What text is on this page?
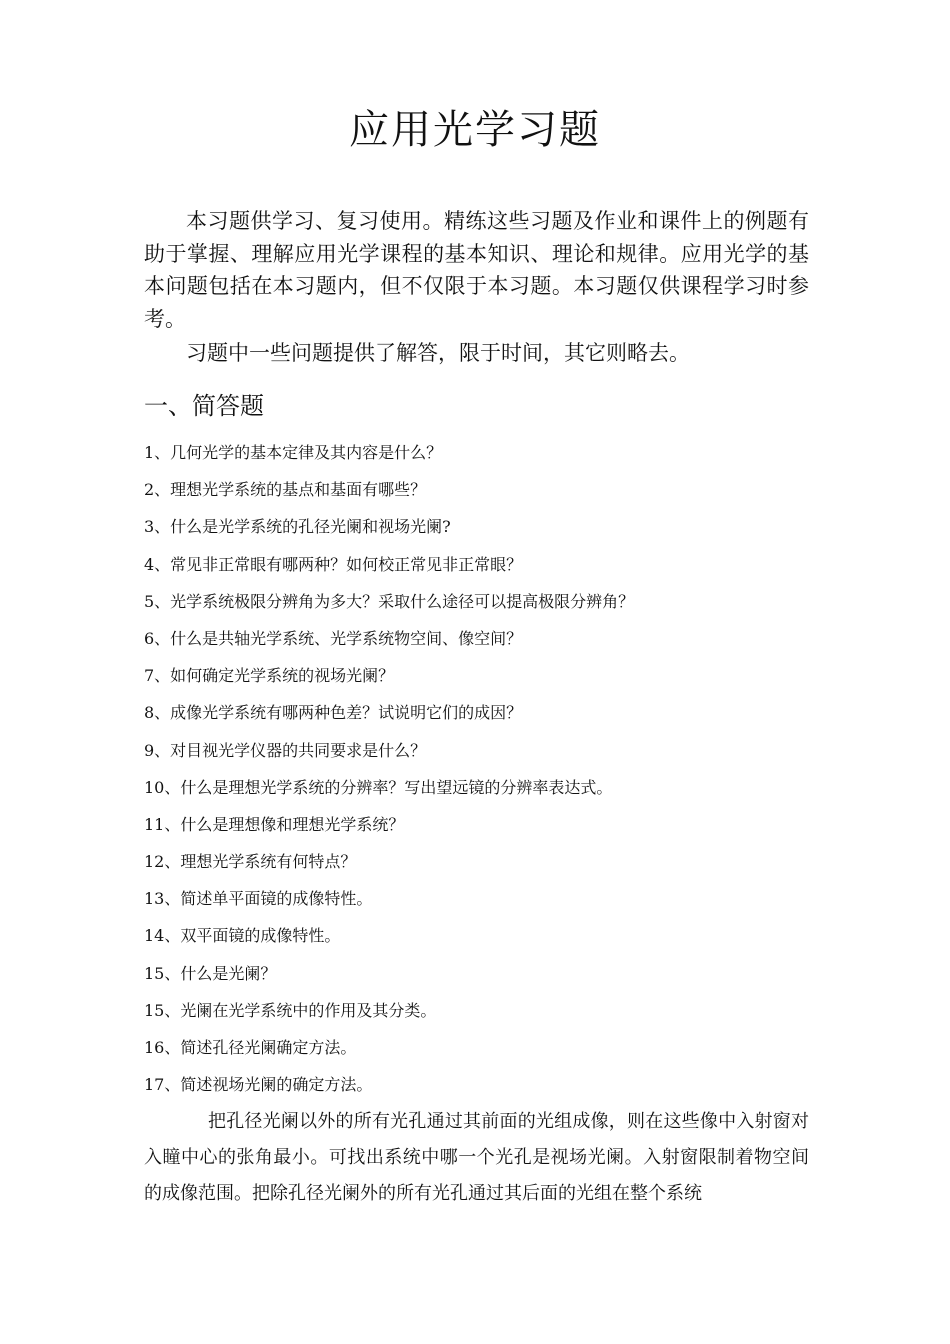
应用光学习题

本习题供学习、复习使用。精练这些习题及作业和课件上的例题有助于掌握、理解应用光学课程的基本知识、理论和规律。应用光学的基本问题包括在本习题内，但不仅限于本习题。本习题仅供课程学习时参考。

习题中一些问题提供了解答，限于时间，其它则略去。

一、简答题
1、几何光学的基本定律及其内容是什么？
2、理想光学系统的基点和基面有哪些？
3、什么是光学系统的孔径光阑和视场光阑?
4、常见非正常眼有哪两种？如何校正常见非正常眼？
5、光学系统极限分辨角为多大？采取什么途径可以提高极限分辨角？
6、什么是共轴光学系统、光学系统物空间、像空间？
7、如何确定光学系统的视场光阑？
8、成像光学系统有哪两种色差？试说明它们的成因？
9、对目视光学仪器的共同要求是什么？
10、什么是理想光学系统的分辨率？写出望远镜的分辨率表达式。
11、什么是理想像和理想光学系统？
12、理想光学系统有何特点？
13、简述单平面镜的成像特性。
14、双平面镜的成像特性。
15、什么是光阑？
15、光阑在光学系统中的作用及其分类。
16、简述孔径光阑确定方法。
17、简述视场光阑的确定方法。

把孔径光阑以外的所有光孔通过其前面的光组成像，则在这些像中入射窗对入瞳中心的张角最小。可找出系统中哪一个光孔是视场光阑。入射窗限制着物空间的成像范围。把除孔径光阑外的所有光孔通过其后面的光组在整个系统
